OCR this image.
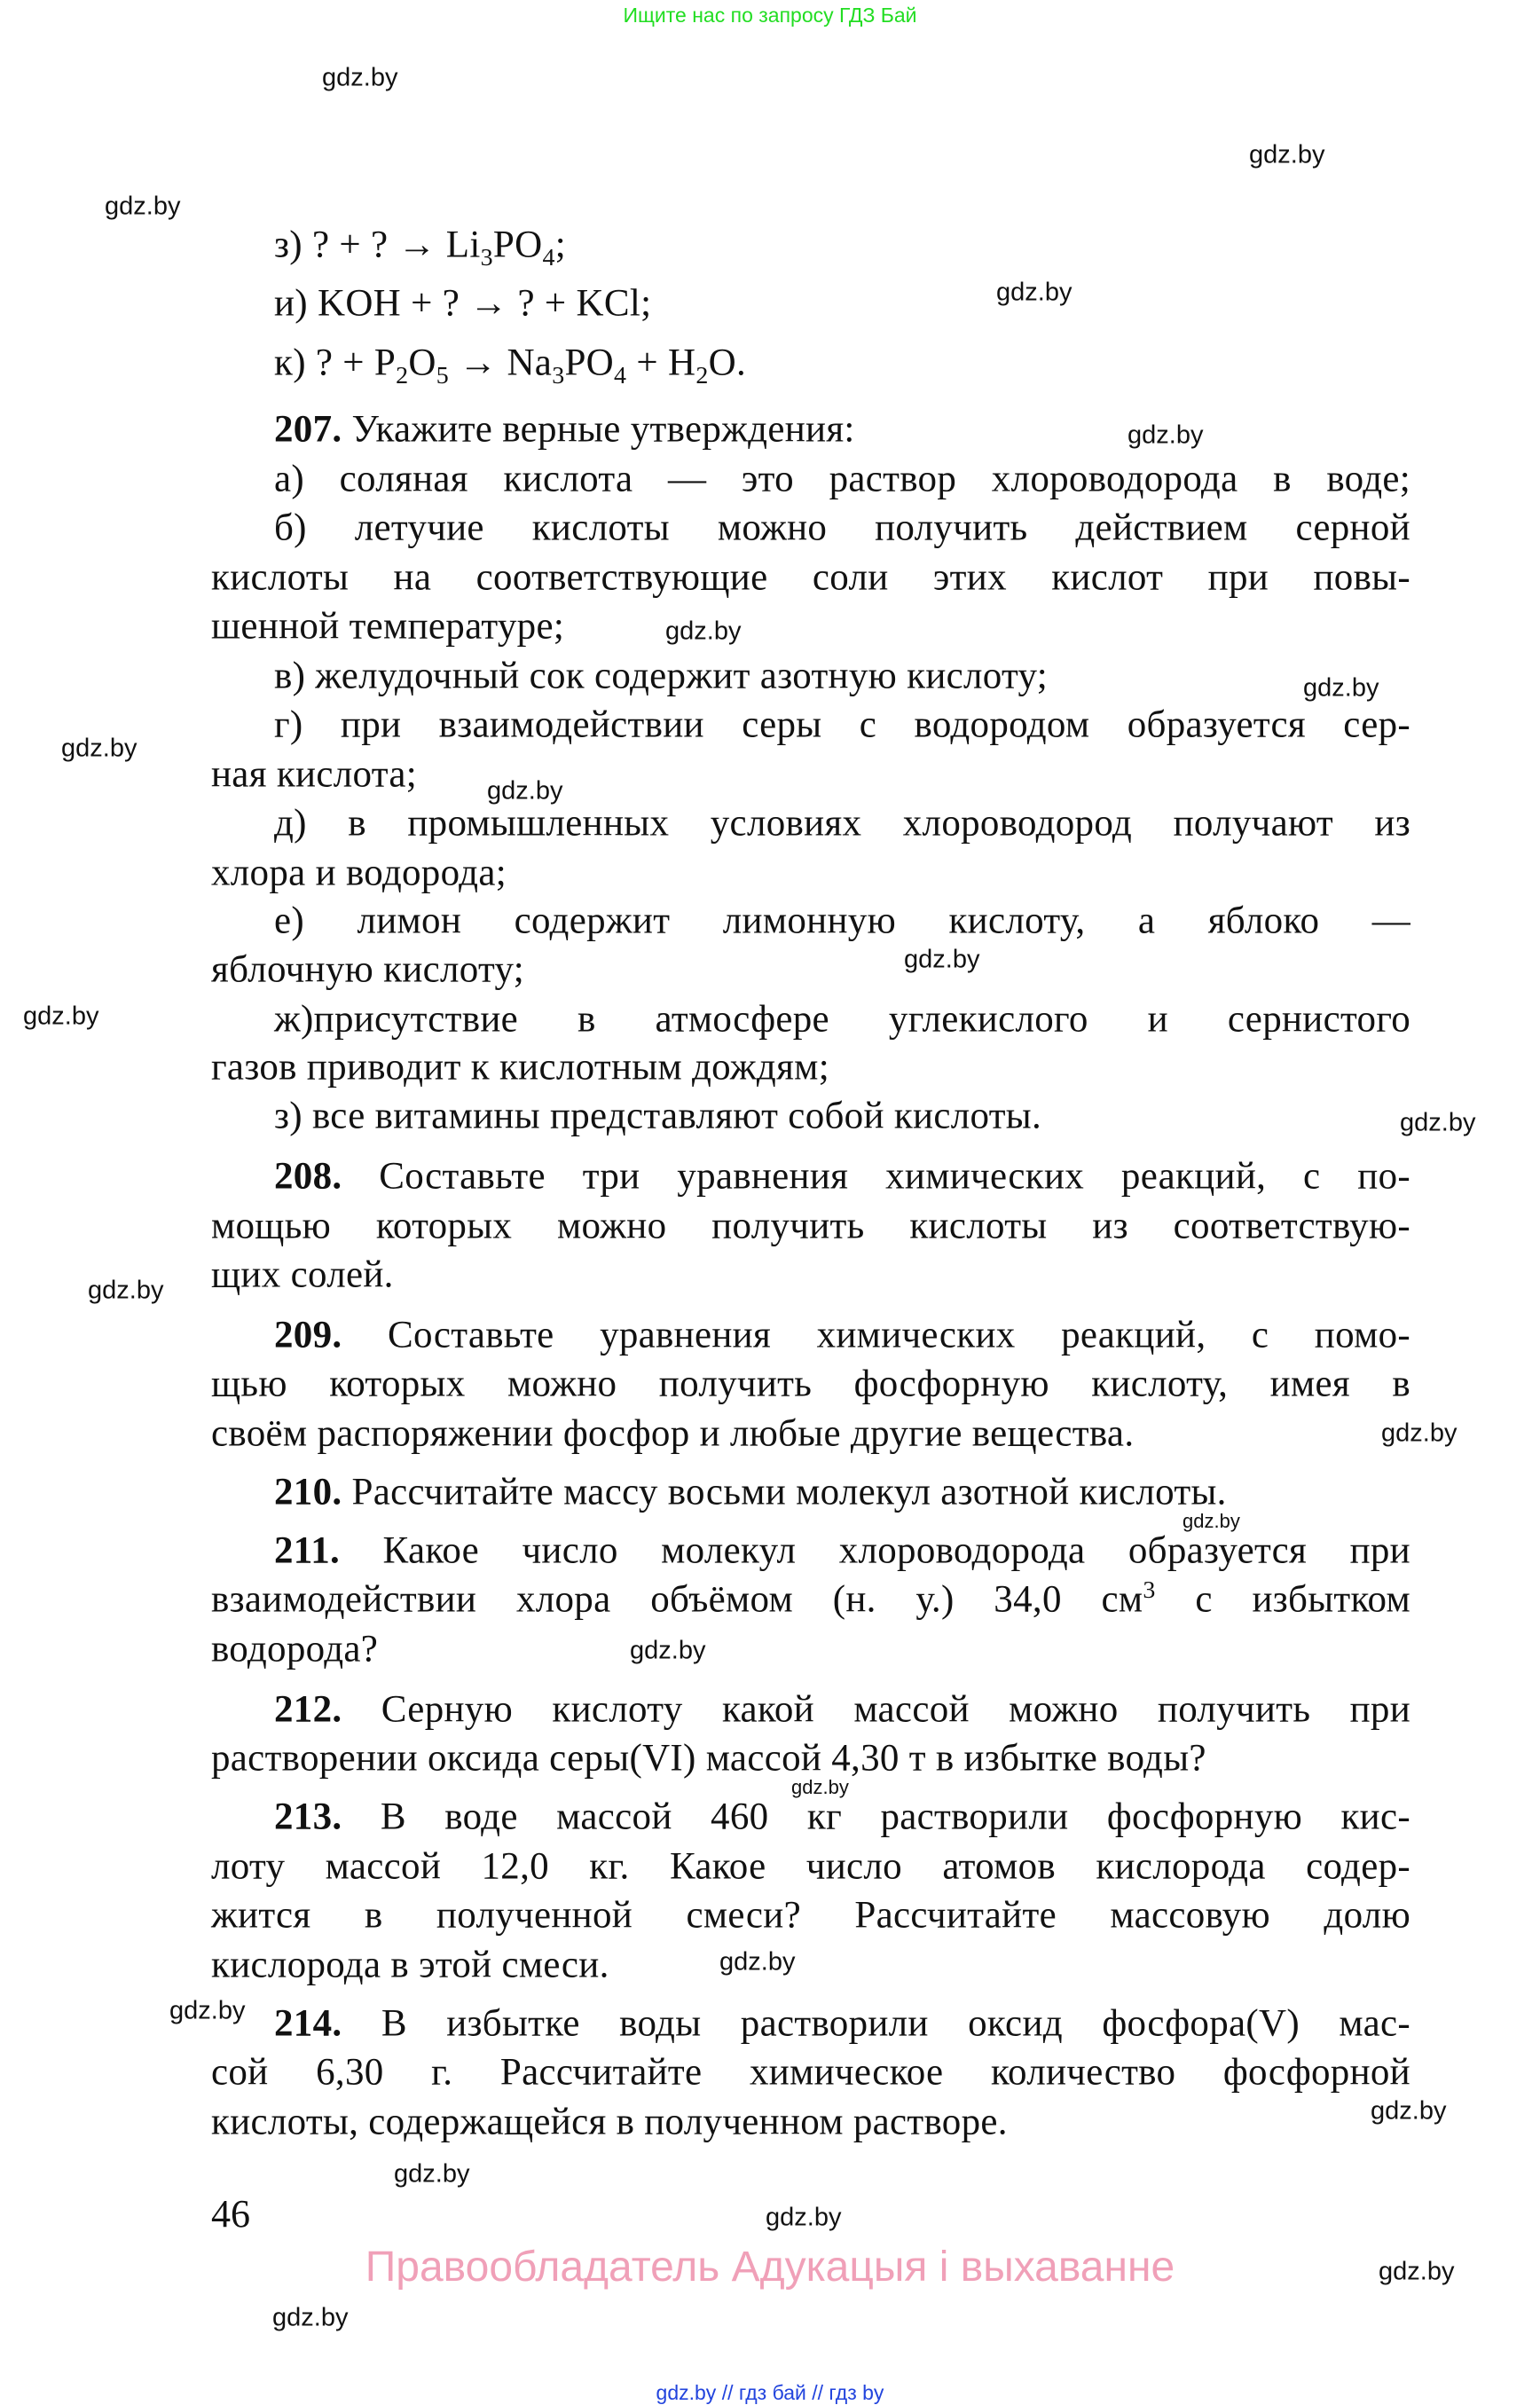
Ищите нас по запросу ГДЗ Бай
gdz.by
gdz.by
gdz.by
gdz.by
gdz.by
gdz.by
gdz.by
gdz.by
gdz.by
gdz.by
gdz.by
gdz.by
gdz.by
gdz.by
gdz.by
gdz.by
gdz.by
gdz.by
gdz.by
gdz.by
gdz.by
gdz.by
gdz.by
gdz.by
з) ? + ? → $Li_3PO_4$;
и) KOH + ? → ? + KCl;
к) ? + $P_2O_5 \to Na_3PO_4 + H_2O$.
207. Укажите верные утверждения:
а) соляная кислота — это раствор хлороводорода в воде;
б) летучие кислоты можно получить действием серной
кислоты на соответствующие соли этих кислот при повы-
шенной температуре;
в) желудочный сок содержит азотную кислоту;
г) при взаимодействии серы с водородом образуется сер-
ная кислота;
д) в промышленных условиях хлороводород получают из
хлора и водорода;
е) лимон содержит лимонную кислоту, а яблоко —
яблочную кислоту;
ж)присутствие в атмосфере углекислого и сернистого
газов приводит к кислотным дождям;
з) все витамины представляют собой кислоты.
208. Составьте три уравнения химических реакций, с по-
мощью которых можно получить кислоты из соответствую-
щих солей.
209. Составьте уравнения химических реакций, с помо-
щью которых можно получить фосфорную кислоту, имея в
своём распоряжении фосфор и любые другие вещества.
210. Рассчитайте массу восьми молекул азотной кислоты.
211. Какое число молекул хлороводорода образуется при
взаимодействии хлора объёмом (н. у.) 34,0 $см^3$ с избытком
водорода?
212. Серную кислоту какой массой можно получить при
растворении оксида серы(VI) массой 4,30 т в избытке воды?
213. В воде массой 460 кг растворили фосфорную кис-
лоту массой 12,0 кг. Какое число атомов кислорода содер-
жится в полученной смеси? Рассчитайте массовую долю
кислорода в этой смеси.
214. В избытке воды растворили оксид фосфора(V) мас-
сой 6,30 г. Рассчитайте химическое количество фосфорной
кислоты, содержащейся в полученном растворе.
46
Правообладатель Адукацыя і выхаванне
gdz.by // гдз бай // гдз by
